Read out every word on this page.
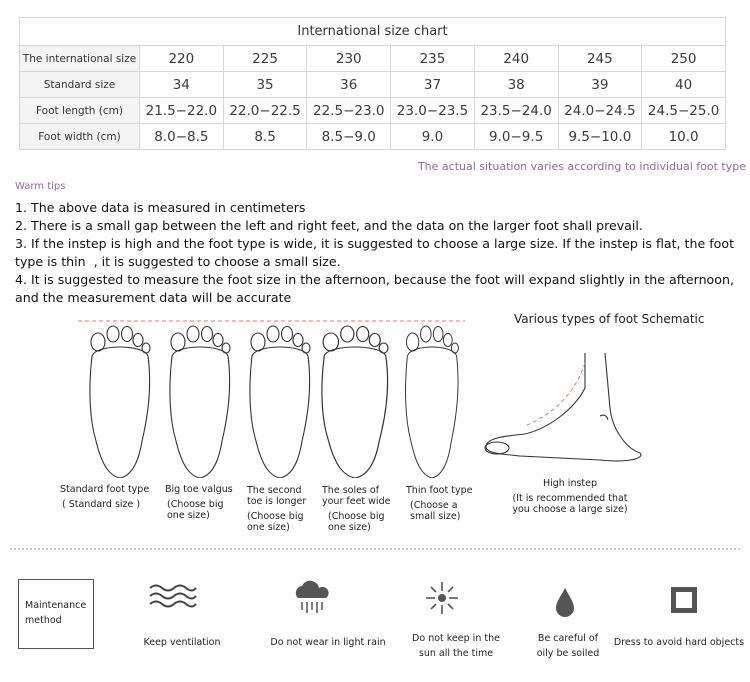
International size chart							
The international size	220	225	230	235	240	245	250
Standard size	34	35	36	37	38	39	40
Foot length (cm)	21.5−22.0	22.0−22.5	22.5−23.0	23.0−23.5	23.5−24.0	24.0−24.5	24.5−25.0
Foot width (cm)	8.0−8.5	8.5	8.5−9.0	9.0	9.0−9.5	9.5−10.0	10.0
The actual situation varies according to individual foot type
Warm tips

1. The above data is measured in centimeters

2. There is a small gap between the left and right feet, and the data on the larger foot shall prevail.

3. If the instep is high and the foot type is wide, it is suggested to choose a large size. If the instep is flat, the foot type is thin  , it is suggested to choose a small size.

4. It is suggested to measure the foot size in the afternoon, because the foot will expand slightly in the afternoon, and the measurement data will be accurate

Various types of foot Schematic
Standard foot type
( Standard size )
Big toe valgus
(Choose big
one size)
The second
toe is longer
(Choose big
one size)
The soles of
your feet wide
(Choose big
one size)
Thin foot type
(Choose a
small size)
High instep
(It is recommended that
you choose a large size)
Maintenance
method
Keep ventilation	Do not wear in light rain	Do not keep in the
sun all the time
Be careful of
oily be soiled
Dress to avoid hard objects
